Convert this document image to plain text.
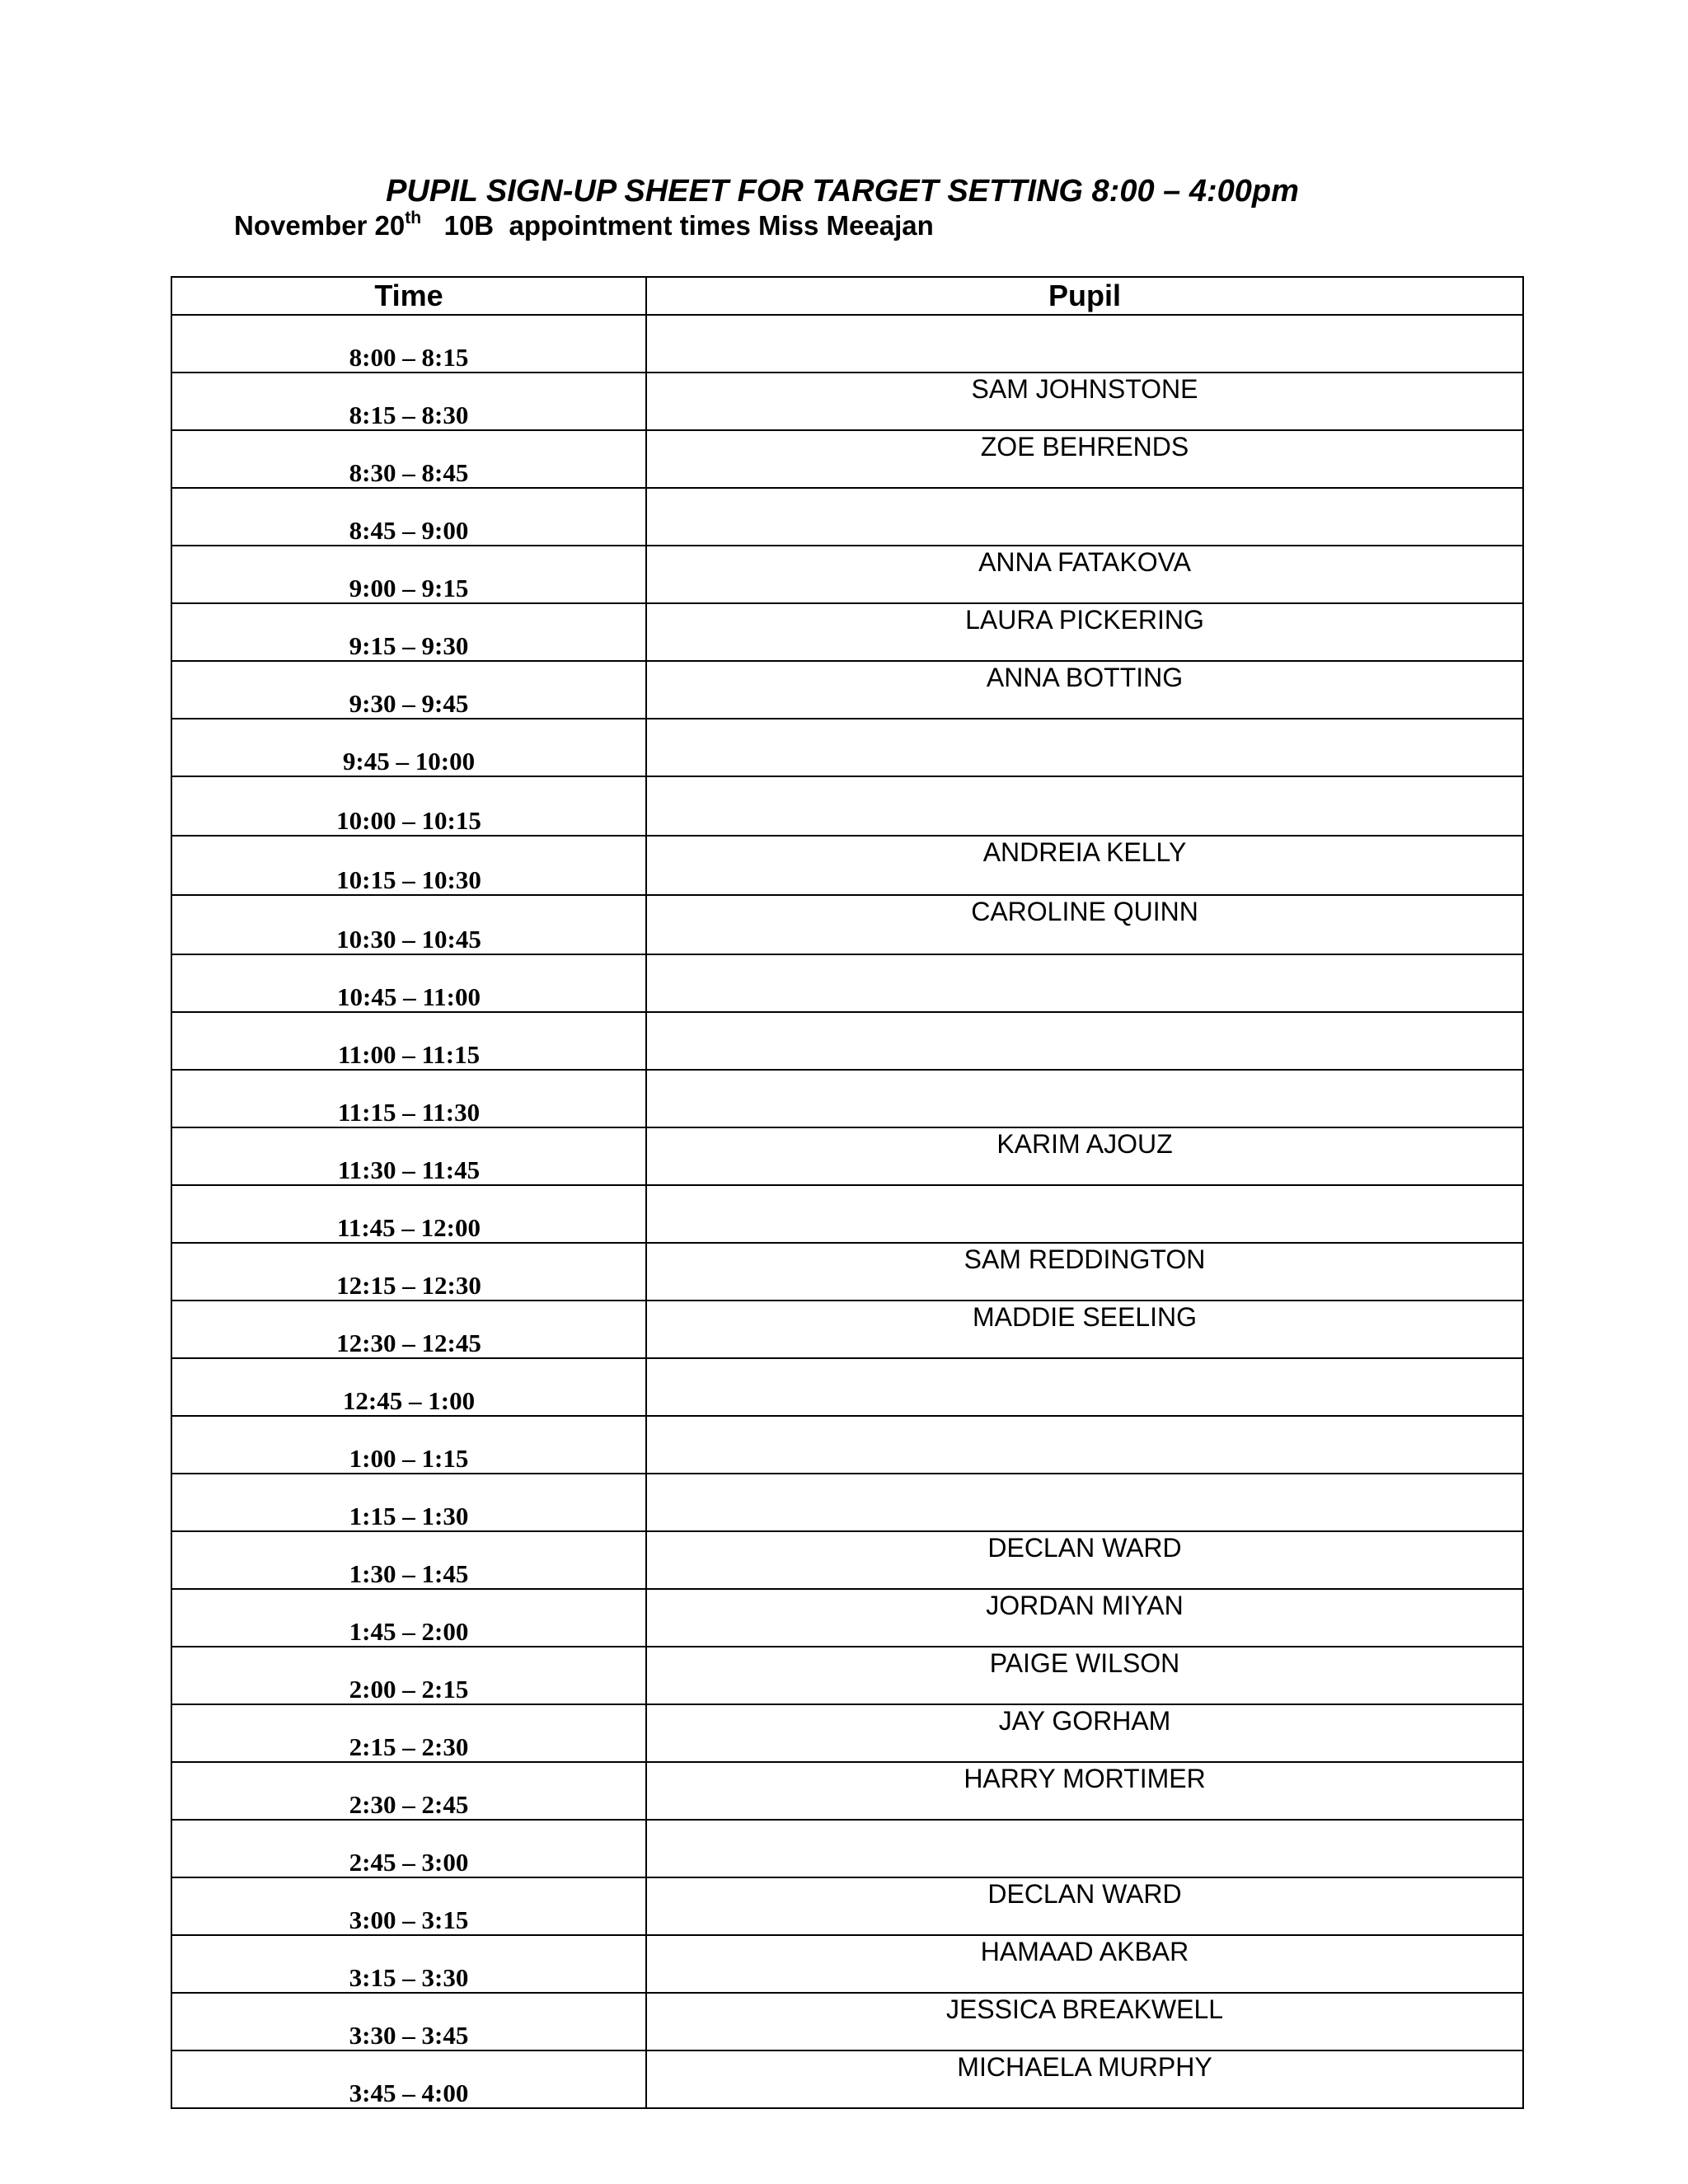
PUPIL SIGN-UP SHEET FOR TARGET SETTING 8:00 – 4:00pm
November 20th   10B  appointment times Miss Meeajan
Time	Pupil
8:00 – 8:15	
8:15 – 8:30	SAM JOHNSTONE
8:30 – 8:45	ZOE BEHRENDS
8:45 – 9:00	
9:00 – 9:15	ANNA FATAKOVA
9:15 – 9:30	LAURA PICKERING
9:30 – 9:45	ANNA BOTTING
9:45 – 10:00	
10:00 – 10:15	
10:15 – 10:30	ANDREIA KELLY
10:30 – 10:45	CAROLINE QUINN
10:45 – 11:00	
11:00 – 11:15	
11:15 – 11:30	
11:30 – 11:45	KARIM AJOUZ
11:45 – 12:00	
12:15 – 12:30	SAM REDDINGTON
12:30 – 12:45	MADDIE SEELING
12:45 – 1:00	
1:00 – 1:15	
1:15 – 1:30	
1:30 – 1:45	DECLAN WARD
1:45 – 2:00	JORDAN MIYAN
2:00 – 2:15	PAIGE WILSON
2:15 – 2:30	JAY GORHAM
2:30 – 2:45	HARRY MORTIMER
2:45 – 3:00	
3:00 – 3:15	DECLAN WARD
3:15 – 3:30	HAMAAD AKBAR
3:30 – 3:45	JESSICA BREAKWELL
3:45 – 4:00	MICHAELA MURPHY
